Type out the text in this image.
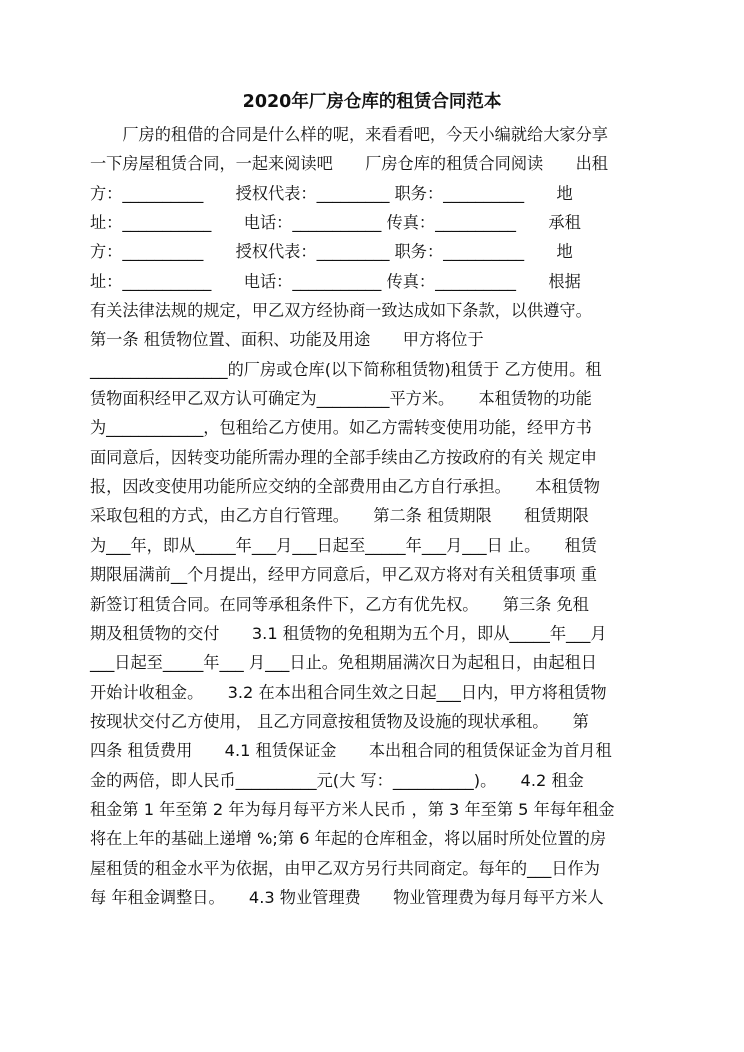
2020年厂房仓库的租赁合同范本
　　厂房的租借的合同是什么样的呢，来看看吧，今天小编就给大家分享
一下房屋租赁合同，一起来阅读吧　　厂房仓库的租赁合同阅读　　出租
方：__________　　授权代表：_________ 职务：__________　　地
址：___________　　电话：___________ 传真：__________　　承租
方：__________　　授权代表：_________ 职务：__________　　地
址：___________　　电话：___________ 传真：__________　　根据
有关法律法规的规定，甲乙双方经协商一致达成如下条款，以供遵守。
第一条 租赁物位置、面积、功能及用途　　甲方将位于
_________________的厂房或仓库(以下简称租赁物)租赁于 乙方使用。租
赁物面积经甲乙双方认可确定为_________平方米。　　本租赁物的功能
为____________，包租给乙方使用。如乙方需转变使用功能，经甲方书
面同意后，因转变功能所需办理的全部手续由乙方按政府的有关 规定申
报，因改变使用功能所应交纳的全部费用由乙方自行承担。　　本租赁物
采取包租的方式，由乙方自行管理。　　第二条 租赁期限　　租赁期限
为___年，即从_____年___月___日起至_____年___月___日 止。　　租赁
期限届满前__个月提出，经甲方同意后，甲乙双方将对有关租赁事项 重
新签订租赁合同。在同等承租条件下，乙方有优先权。　　第三条 免租
期及租赁物的交付　　3.1 租赁物的免租期为五个月，即从_____年___月
___日起至_____年___ 月___日止。免租期届满次日为起租日，由起租日
开始计收租金。　　3.2 在本出租合同生效之日起___日内，甲方将租赁物
按现状交付乙方使用， 且乙方同意按租赁物及设施的现状承租。　　第
四条 租赁费用　　4.1 租赁保证金　　本出租合同的租赁保证金为首月租
金的两倍，即人民币__________元(大 写：__________)。　　4.2 租金
租金第 1 年至第 2 年为每月每平方米人民币 ，第 3 年至第 5 年每年租金
将在上年的基础上递增 %;第 6 年起的仓库租金，将以届时所处位置的房
屋租赁的租金水平为依据，由甲乙双方另行共同商定。每年的___日作为
每 年租金调整日。　　4.3 物业管理费　　物业管理费为每月每平方米人
